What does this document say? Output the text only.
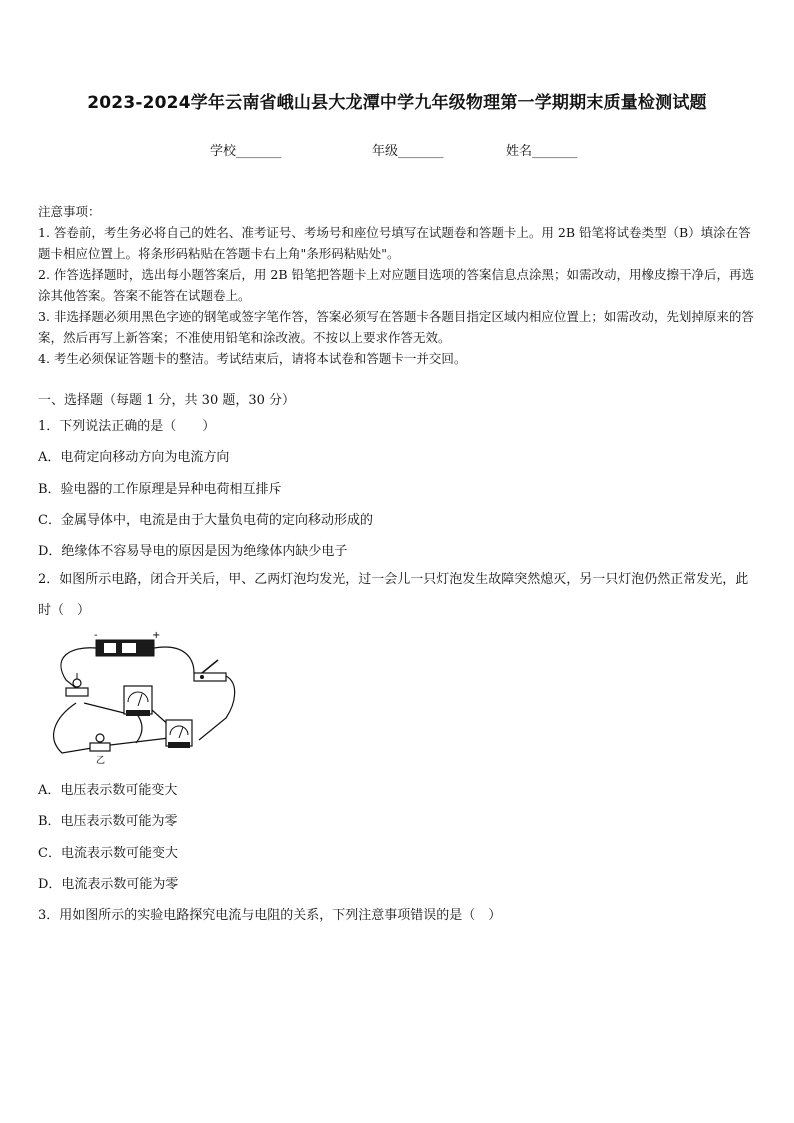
2023-2024学年云南省峨山县大龙潭中学九年级物理第一学期期末质量检测试题
学校_______	年级_______	姓名_______

注意事项：

1. 答卷前，考生务必将自己的姓名、准考证号、考场号和座位号填写在试题卷和答题卡上。用 2B 铅笔将试卷类型（B）填涂在答题卡相应位置上。将条形码粘贴在答题卡右上角"条形码粘贴处"。

2. 作答选择题时，选出每小题答案后，用 2B 铅笔把答题卡上对应题目选项的答案信息点涂黑；如需改动，用橡皮擦干净后，再选涂其他答案。答案不能答在试题卷上。

3. 非选择题必须用黑色字迹的钢笔或签字笔作答，答案必须写在答题卡各题目指定区域内相应位置上；如需改动，先划掉原来的答案，然后再写上新答案；不准使用铅笔和涂改液。不按以上要求作答无效。

4. 考生必须保证答题卡的整洁。考试结束后，请将本试卷和答题卡一并交回。

一、选择题（每题 1 分，共 30 题，30 分）
1．下列说法正确的是（　　）
A．电荷定向移动方向为电流方向
B．验电器的工作原理是异种电荷相互排斥
C．金属导体中，电流是由于大量负电荷的定向移动形成的
D．绝缘体不容易导电的原因是因为绝缘体内缺少电子
2．如图所示电路，闭合开关后，甲、乙两灯泡均发光，过一会儿一只灯泡发生故障突然熄灭，另一只灯泡仍然正常发光，此时（　）
-	+
乙
A．电压表示数可能变大
B．电压表示数可能为零
C．电流表示数可能变大
D．电流表示数可能为零
3．用如图所示的实验电路探究电流与电阻的关系，下列注意事项错误的是（　）
